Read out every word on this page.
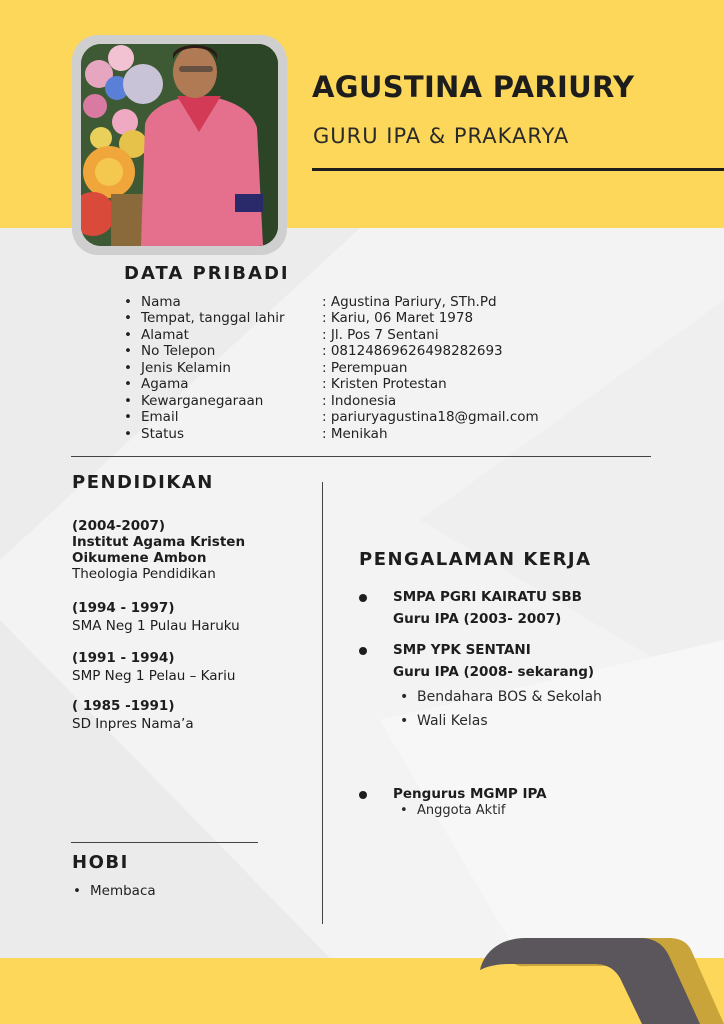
AGUSTINA PARIURY
GURU IPA & PRAKARYA
DATA PRIBADI
• Nama	: Agustina Pariury, STh.Pd
• Tempat, tanggal lahir	: Kariu, 06 Maret 1978
• Alamat	: Jl. Pos 7 Sentani
• No Telepon	: 08124869626498282693
• Jenis Kelamin	: Perempuan
• Agama	: Kristen Protestan
• Kewarganegaraan	: Indonesia
• Email	: pariuryagustina18@gmail.com
• Status	: Menikah
PENDIDIKAN
(2004-2007)
Institut Agama Kristen
Oikumene Ambon
Theologia Pendidikan
(1994 - 1997)
SMA Neg 1 Pulau Haruku
(1991 - 1994)
SMP Neg 1 Pelau – Kariu
( 1985 -1991)
SD Inpres Nama’a
HOBI
• Membaca
PENGALAMAN KERJA
SMPA PGRI KAIRATU SBB
Guru IPA (2003- 2007)
SMP YPK SENTANI
Guru IPA (2008- sekarang)
• Bendahara BOS & Sekolah
• Wali Kelas
Pengurus MGMP IPA
• Anggota Aktif
